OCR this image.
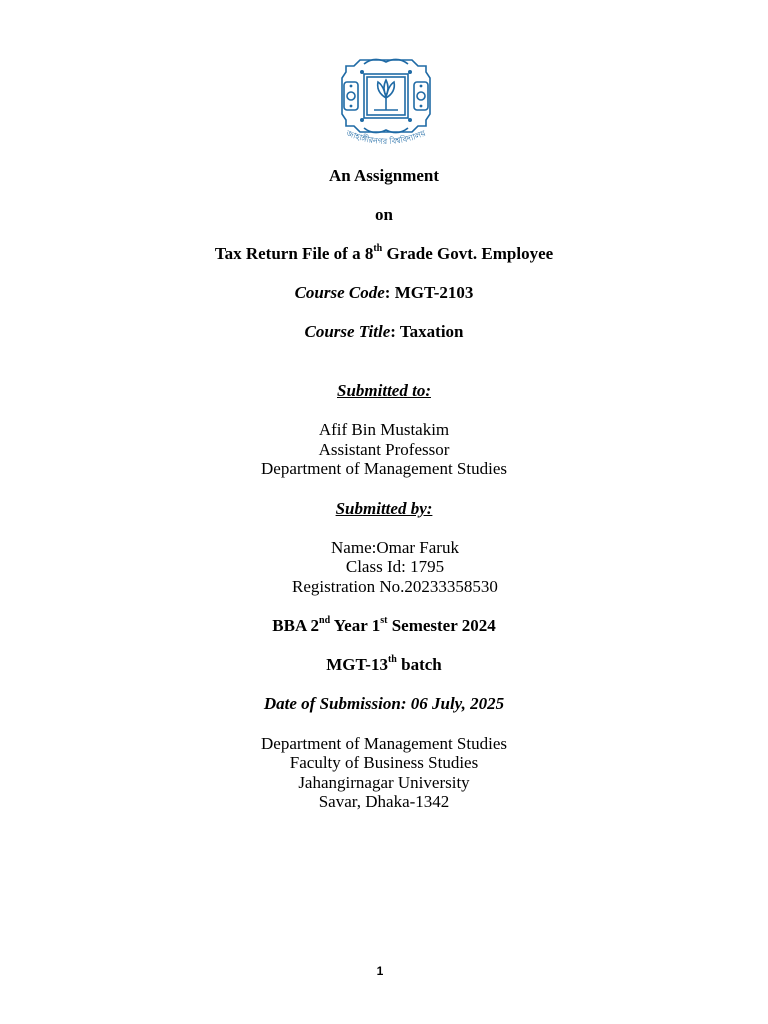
জাহাঙ্গীরনগর বিশ্ববিদ্যালয়
An Assignment
on
Tax Return File of a 8th Grade Govt. Employee
Course Code: MGT-2103
Course Title: Taxation
Submitted to:
Afif Bin Mustakim
Assistant Professor
Department of Management Studies
Submitted by:
Name:Omar Faruk
Class Id: 1795
Registration No.20233358530
BBA 2nd Year 1st Semester 2024
MGT-13th batch
Date of Submission: 06 July, 2025
Department of Management Studies
Faculty of Business Studies
Jahangirnagar University
Savar, Dhaka-1342
1
